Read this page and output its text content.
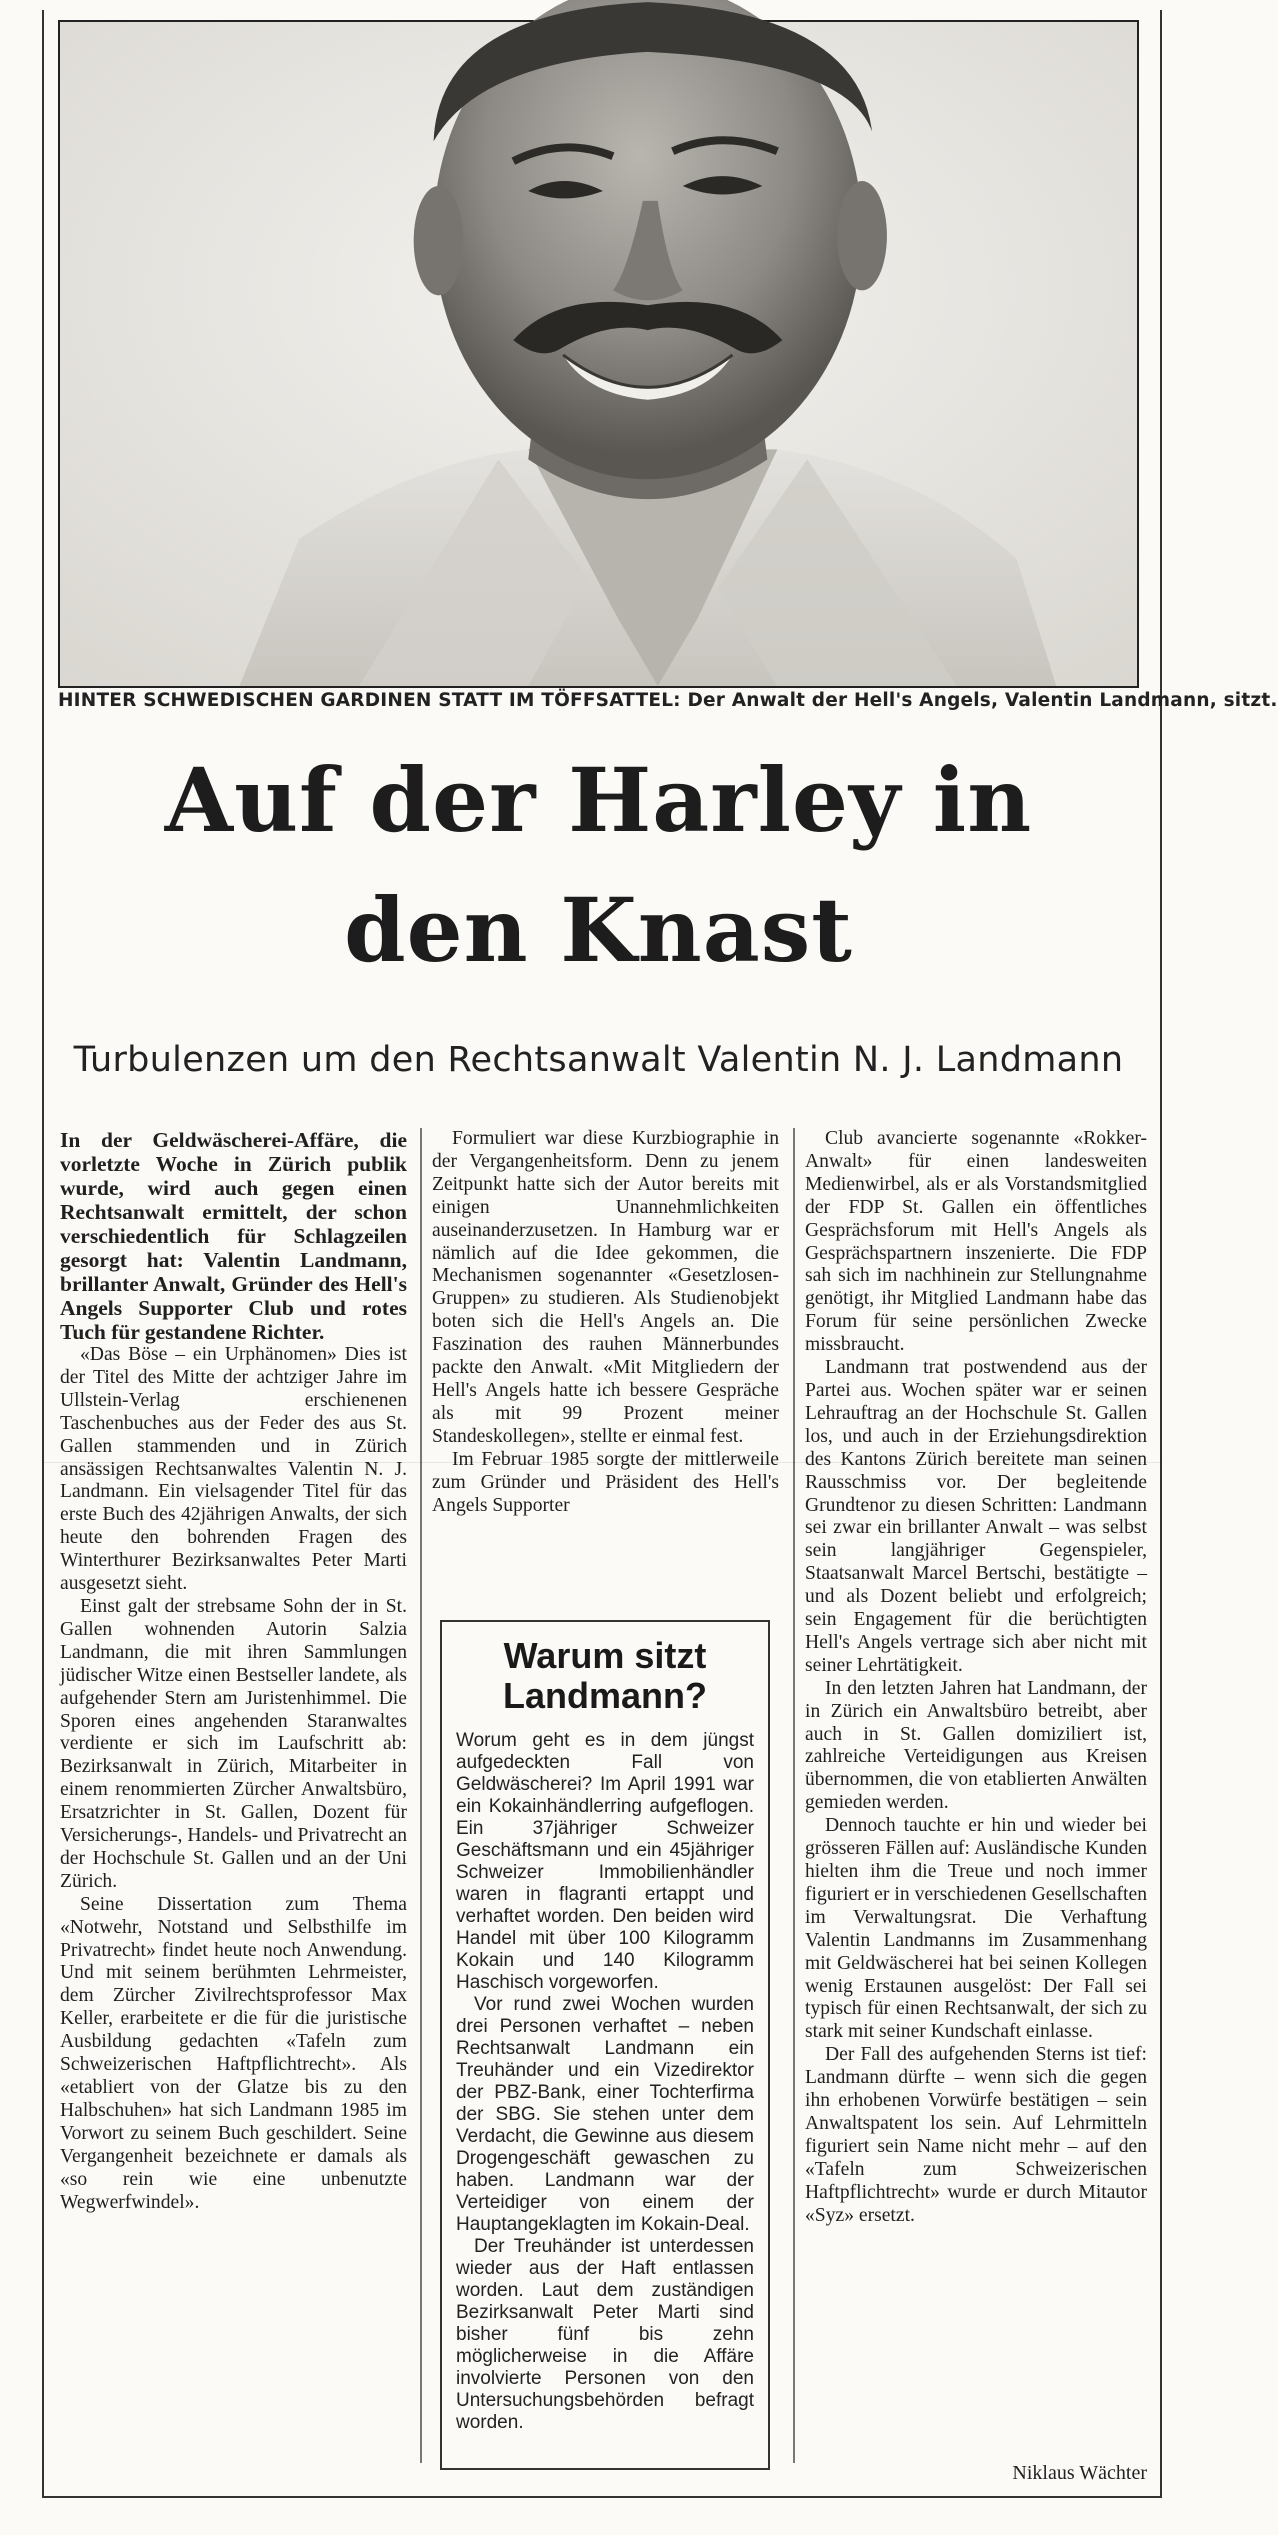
HINTER SCHWEDISCHEN GARDINEN STATT IM TÖFFSATTEL: Der Anwalt der Hell's Angels, Valentin Landmann, sitzt.
Auf der Harley in
den Knast
Turbulenzen um den Rechtsanwalt Valentin N. J. Landmann

In der Geldwäscherei-Affäre, die vorletzte Woche in Zürich publik wurde, wird auch gegen einen Rechtsanwalt ermittelt, der schon verschiedentlich für Schlagzeilen gesorgt hat: Valentin Landmann, brillanter Anwalt, Gründer des Hell's Angels Supporter Club und rotes Tuch für gestandene Richter.

«Das Böse – ein Urphänomen» Dies ist der Titel des Mitte der achtziger Jahre im Ullstein-Verlag erschienenen Taschenbuches aus der Feder des aus St. Gallen stammenden und in Zürich ansässigen Rechtsanwaltes Valentin N. J. Landmann. Ein vielsagender Titel für das erste Buch des 42jährigen Anwalts, der sich heute den bohrenden Fragen des Winterthurer Bezirksanwaltes Peter Marti ausgesetzt sieht.

Einst galt der strebsame Sohn der in St. Gallen wohnenden Autorin Salzia Landmann, die mit ihren Sammlungen jüdischer Witze einen Bestseller landete, als aufgehender Stern am Juristenhimmel. Die Sporen eines angehenden Staranwaltes verdiente er sich im Laufschritt ab: Bezirksanwalt in Zürich, Mitarbeiter in einem renommierten Zürcher Anwaltsbüro, Ersatzrichter in St. Gallen, Dozent für Versicherungs-, Handels- und Privatrecht an der Hochschule St. Gallen und an der Uni Zürich.

Seine Dissertation zum Thema «Notwehr, Notstand und Selbsthilfe im Privatrecht» findet heute noch Anwendung. Und mit seinem berühmten Lehrmeister, dem Zürcher Zivilrechtsprofessor Max Keller, erarbeitete er die für die juristische Ausbildung gedachten «Tafeln zum Schweizerischen Haftpflichtrecht». Als «etabliert von der Glatze bis zu den Halbschuhen» hat sich Landmann 1985 im Vorwort zu seinem Buch geschildert. Seine Vergangenheit bezeichnete er damals als «so rein wie eine unbenutzte Wegwerfwindel».

Formuliert war diese Kurzbiographie in der Vergangenheitsform. Denn zu jenem Zeitpunkt hatte sich der Autor bereits mit einigen Unannehmlichkeiten auseinanderzusetzen. In Hamburg war er nämlich auf die Idee gekommen, die Mechanismen sogenannter «Gesetzlosen-Gruppen» zu studieren. Als Studienobjekt boten sich die Hell's Angels an. Die Faszination des rauhen Männerbundes packte den Anwalt. «Mit Mitgliedern der Hell's Angels hatte ich bessere Gespräche als mit 99 Prozent meiner Standeskollegen», stellte er einmal fest.

Im Februar 1985 sorgte der mittlerweile zum Gründer und Präsident des Hell's Angels Supporter

Warum sitzt Landmann?

Worum geht es in dem jüngst aufgedeckten Fall von Geldwäscherei? Im April 1991 war ein Kokainhändlerring aufgeflogen. Ein 37jähriger Schweizer Geschäftsmann und ein 45jähriger Schweizer Immobilienhändler waren in flagranti ertappt und verhaftet worden. Den beiden wird Handel mit über 100 Kilogramm Kokain und 140 Kilogramm Haschisch vorgeworfen.

Vor rund zwei Wochen wurden drei Personen verhaftet – neben Rechtsanwalt Landmann ein Treuhänder und ein Vizedirektor der PBZ-Bank, einer Tochterfirma der SBG. Sie stehen unter dem Verdacht, die Gewinne aus diesem Drogengeschäft gewaschen zu haben. Landmann war der Verteidiger von einem der Hauptangeklagten im Kokain-Deal.

Der Treuhänder ist unterdessen wieder aus der Haft entlassen worden. Laut dem zuständigen Bezirksanwalt Peter Marti sind bisher fünf bis zehn möglicherweise in die Affäre involvierte Personen von den Untersuchungsbehörden befragt worden.

Club avancierte sogenannte «Rokker-Anwalt» für einen landesweiten Medienwirbel, als er als Vorstandsmitglied der FDP St. Gallen ein öffentliches Gesprächsforum mit Hell's Angels als Gesprächspartnern inszenierte. Die FDP sah sich im nachhinein zur Stellungnahme genötigt, ihr Mitglied Landmann habe das Forum für seine persönlichen Zwecke missbraucht.

Landmann trat postwendend aus der Partei aus. Wochen später war er seinen Lehrauftrag an der Hochschule St. Gallen los, und auch in der Erziehungsdirektion des Kantons Zürich bereitete man seinen Rausschmiss vor. Der begleitende Grundtenor zu diesen Schritten: Landmann sei zwar ein brillanter Anwalt – was selbst sein langjähriger Gegenspieler, Staatsanwalt Marcel Bertschi, bestätigte – und als Dozent beliebt und erfolgreich; sein Engagement für die berüchtigten Hell's Angels vertrage sich aber nicht mit seiner Lehrtätigkeit.

In den letzten Jahren hat Landmann, der in Zürich ein Anwaltsbüro betreibt, aber auch in St. Gallen domiziliert ist, zahlreiche Verteidigungen aus Kreisen übernommen, die von etablierten Anwälten gemieden werden.

Dennoch tauchte er hin und wieder bei grösseren Fällen auf: Ausländische Kunden hielten ihm die Treue und noch immer figuriert er in verschiedenen Gesellschaften im Verwaltungsrat. Die Verhaftung Valentin Landmanns im Zusammenhang mit Geldwäscherei hat bei seinen Kollegen wenig Erstaunen ausgelöst: Der Fall sei typisch für einen Rechtsanwalt, der sich zu stark mit seiner Kundschaft einlasse.

Der Fall des aufgehenden Sterns ist tief: Landmann dürfte – wenn sich die gegen ihn erhobenen Vorwürfe bestätigen – sein Anwaltspatent los sein. Auf Lehrmitteln figuriert sein Name nicht mehr – auf den «Tafeln zum Schweizerischen Haftpflichtrecht» wurde er durch Mitautor «Syz» ersetzt.

Niklaus Wächter
